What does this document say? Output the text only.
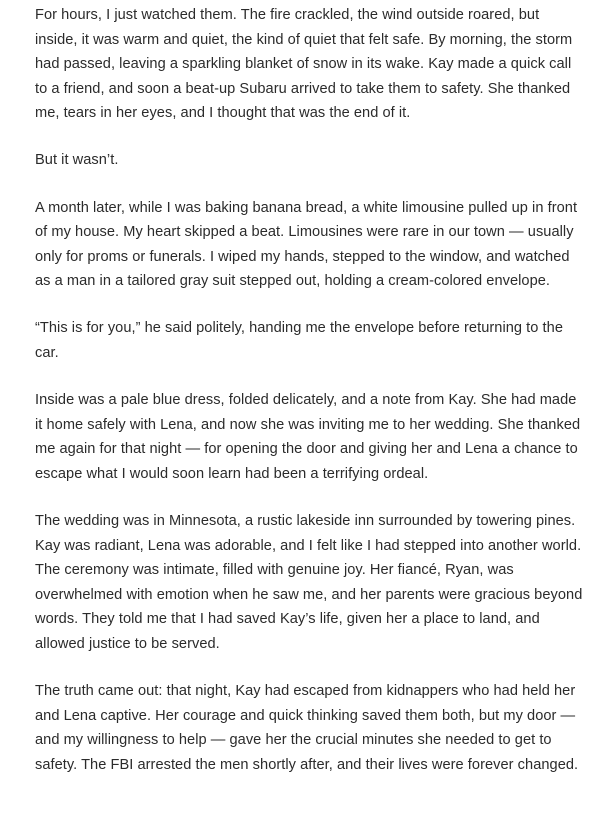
For hours, I just watched them. The fire crackled, the wind outside roared, but inside, it was warm and quiet, the kind of quiet that felt safe. By morning, the storm had passed, leaving a sparkling blanket of snow in its wake. Kay made a quick call to a friend, and soon a beat-up Subaru arrived to take them to safety. She thanked me, tears in her eyes, and I thought that was the end of it.

But it wasn’t.

A month later, while I was baking banana bread, a white limousine pulled up in front of my house. My heart skipped a beat. Limousines were rare in our town — usually only for proms or funerals. I wiped my hands, stepped to the window, and watched as a man in a tailored gray suit stepped out, holding a cream-colored envelope.

“This is for you,” he said politely, handing me the envelope before returning to the car.

Inside was a pale blue dress, folded delicately, and a note from Kay. She had made it home safely with Lena, and now she was inviting me to her wedding. She thanked me again for that night — for opening the door and giving her and Lena a chance to escape what I would soon learn had been a terrifying ordeal.

The wedding was in Minnesota, a rustic lakeside inn surrounded by towering pines. Kay was radiant, Lena was adorable, and I felt like I had stepped into another world. The ceremony was intimate, filled with genuine joy. Her fiancé, Ryan, was overwhelmed with emotion when he saw me, and her parents were gracious beyond words. They told me that I had saved Kay’s life, given her a place to land, and allowed justice to be served.

The truth came out: that night, Kay had escaped from kidnappers who had held her and Lena captive. Her courage and quick thinking saved them both, but my door — and my willingness to help — gave her the crucial minutes she needed to get to safety. The FBI arrested the men shortly after, and their lives were forever changed.
